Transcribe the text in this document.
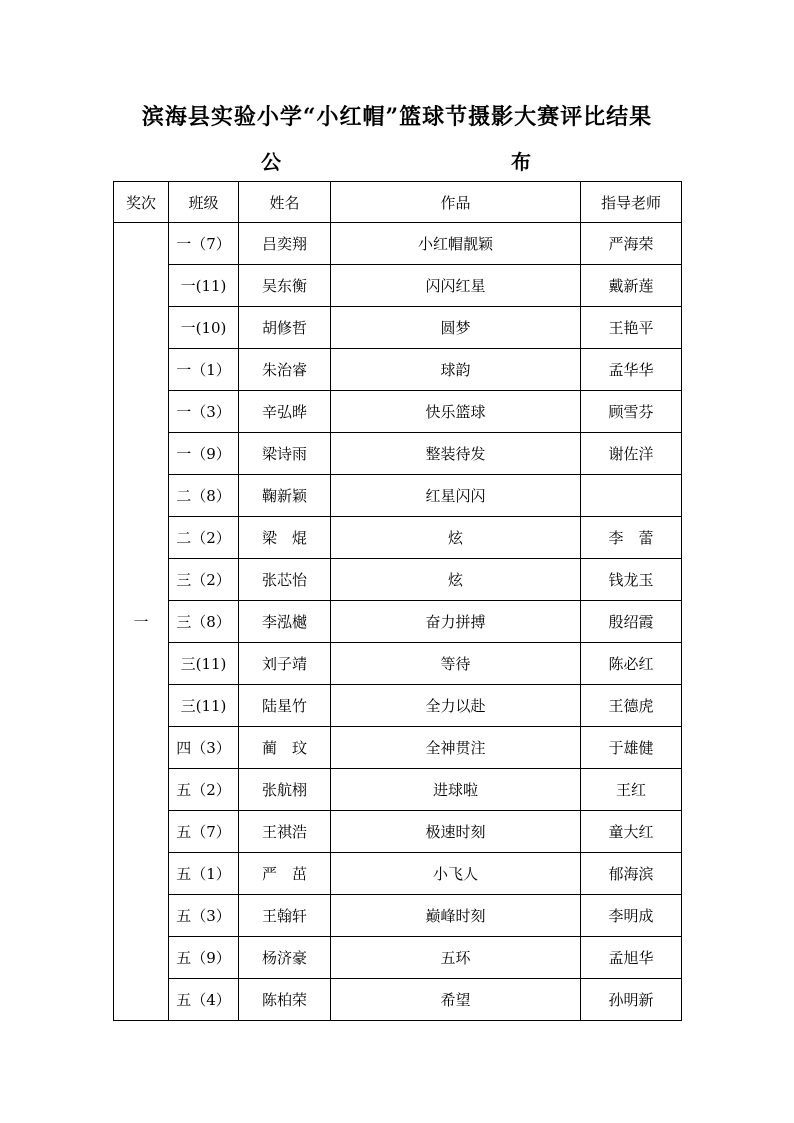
滨海县实验小学“小红帽”篮球节摄影大赛评比结果
公	布
奖次	班级	姓名	作品	指导老师
一	一（7）	吕奕翔	小红帽靓颖	严海荣
	一(11)	吴东衡	闪闪红星	戴新莲
	一(10)	胡修哲	圆梦	王艳平
	一（1）	朱治睿	球韵	孟华华
	一（3）	辛弘晔	快乐篮球	顾雪芬
	一（9）	梁诗雨	整装待发	谢佐洋
	二（8）	鞠新颖	红星闪闪	
	二（2）	梁　焜	炫	李　蕾
	三（2）	张芯怡	炫	钱龙玉
	三（8）	李泓樾	奋力拼搏	殷绍霞
	三(11)	刘子靖	等待	陈必红
	三(11)	陆星竹	全力以赴	王德虎
	四（3）	蔺　玟	全神贯注	于雄健
	五（2）	张航栩	进球啦	王红
	五（7）	王祺浩	极速时刻	童大红
	五（1）	严　茁	小飞人	郁海滨
	五（3）	王翰轩	巅峰时刻	李明成
	五（9）	杨济豪	五环	孟旭华
	五（4）	陈柏荣	希望	孙明新
